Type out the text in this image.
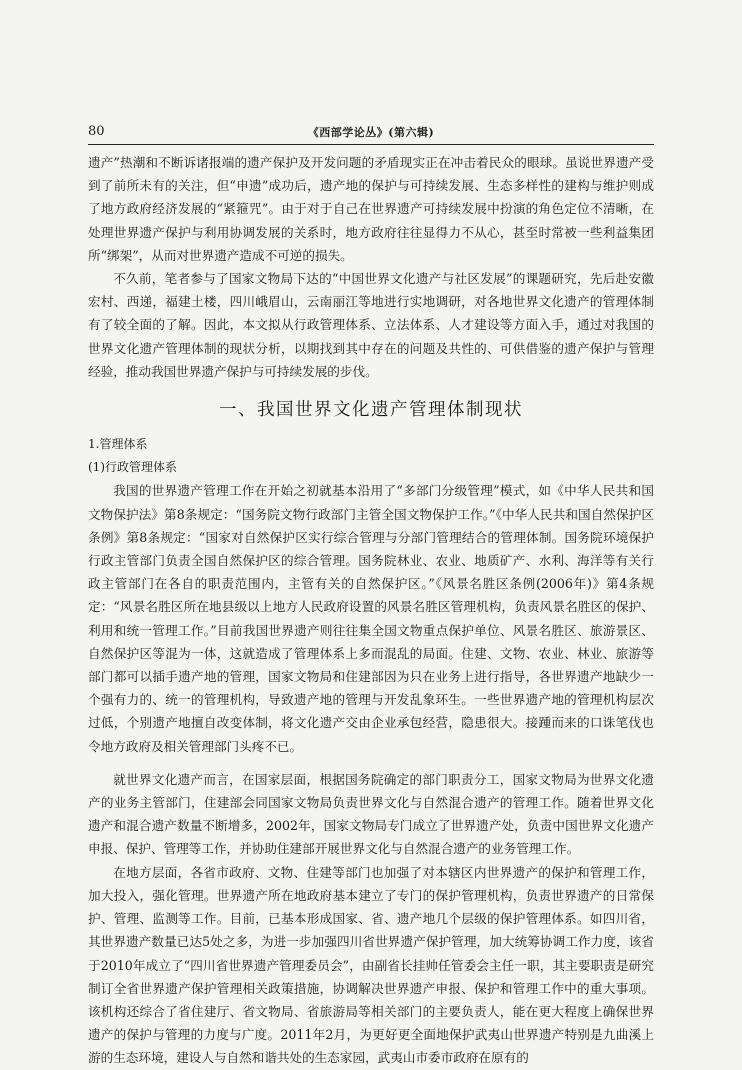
80	《西部学论丛》(第六辑)

遗产”热潮和不断诉诸报端的遗产保护及开发问题的矛盾现实正在冲击着民众的眼球。虽说世界遗产受到了前所未有的关注，但“申遗”成功后，遗产地的保护与可持续发展、生态多样性的建构与维护则成了地方政府经济发展的“紧箍咒”。由于对于自己在世界遗产可持续发展中扮演的角色定位不清晰，在处理世界遗产保护与利用协调发展的关系时，地方政府往往显得力不从心，甚至时常被一些利益集团所“绑架”，从而对世界遗产造成不可逆的损失。

不久前，笔者参与了国家文物局下达的“中国世界文化遗产与社区发展”的课题研究，先后赴安徽宏村、西递，福建土楼，四川峨眉山，云南丽江等地进行实地调研，对各地世界文化遗产的管理体制有了较全面的了解。因此，本文拟从行政管理体系、立法体系、人才建设等方面入手，通过对我国的世界文化遗产管理体制的现状分析，以期找到其中存在的问题及共性的、可供借鉴的遗产保护与管理经验，推动我国世界遗产保护与可持续发展的步伐。

一、我国世界文化遗产管理体制现状

1.管理体系

(1)行政管理体系

我国的世界遗产管理工作在开始之初就基本沿用了“多部门分级管理”模式，如《中华人民共和国文物保护法》第8条规定：“国务院文物行政部门主管全国文物保护工作。”《中华人民共和国自然保护区条例》第8条规定：“国家对自然保护区实行综合管理与分部门管理结合的管理体制。国务院环境保护行政主管部门负责全国自然保护区的综合管理。国务院林业、农业、地质矿产、水利、海洋等有关行政主管部门在各自的职责范围内，主管有关的自然保护区。”《风景名胜区条例(2006年)》第4条规定：“风景名胜区所在地县级以上地方人民政府设置的风景名胜区管理机构，负责风景名胜区的保护、利用和统一管理工作。”目前我国世界遗产则往往集全国文物重点保护单位、风景名胜区、旅游景区、自然保护区等混为一体，这就造成了管理体系上多而混乱的局面。住建、文物、农业、林业、旅游等部门都可以插手遗产地的管理，国家文物局和住建部因为只在业务上进行指导，各世界遗产地缺少一个强有力的、统一的管理机构，导致遗产地的管理与开发乱象环生。一些世界遗产地的管理机构层次过低，个别遗产地擅自改变体制，将文化遗产交由企业承包经营，隐患很大。接踵而来的口诛笔伐也令地方政府及相关管理部门头疼不已。

就世界文化遗产而言，在国家层面，根据国务院确定的部门职责分工，国家文物局为世界文化遗产的业务主管部门，住建部会同国家文物局负责世界文化与自然混合遗产的管理工作。随着世界文化遗产和混合遗产数量不断增多，2002年，国家文物局专门成立了世界遗产处，负责中国世界文化遗产申报、保护、管理等工作，并协助住建部开展世界文化与自然混合遗产的业务管理工作。

在地方层面，各省市政府、文物、住建等部门也加强了对本辖区内世界遗产的保护和管理工作，加大投入，强化管理。世界遗产所在地政府基本建立了专门的保护管理机构，负责世界遗产的日常保护、管理、监测等工作。目前，已基本形成国家、省、遗产地几个层级的保护管理体系。如四川省，其世界遗产数量已达5处之多，为进一步加强四川省世界遗产保护管理，加大统筹协调工作力度，该省于2010年成立了“四川省世界遗产管理委员会”，由副省长挂帅任管委会主任一职，其主要职责是研究制订全省世界遗产保护管理相关政策措施，协调解决世界遗产申报、保护和管理工作中的重大事项。该机构还综合了省住建厅、省文物局、省旅游局等相关部门的主要负责人，能在更大程度上确保世界遗产的保护与管理的力度与广度。2011年2月，为更好更全面地保护武夷山世界遗产特别是九曲溪上游的生态环境，建设人与自然和谐共处的生态家园，武夷山市委市政府在原有的
